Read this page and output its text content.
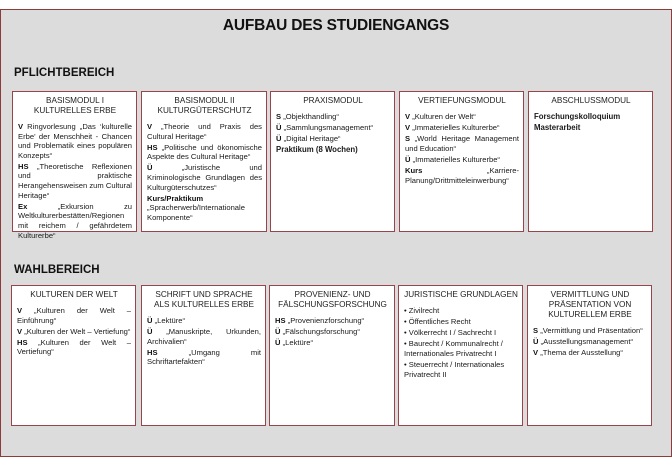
AUFBAU DES STUDIENGANGS
PFLICHTBEREICH
WAHLBEREICH
BASISMODUL I KULTURELLES ERBE
V Ringvorlesung „Das ‘kulturelle Erbe’ der Menschheit - Chancen und Problematik eines populären Konzepts“
HS „Theoretische Reflexionen und praktische Herangehensweisen zum Cultural Heritage“
Ex	„Exkursion zu Weltkulturerbestätten/Regionen mit reichem / gefährdetem Kulturerbe“
BASISMODUL II KULTURGÜTERSCHUTZ
V „Theorie und Praxis des Cultural Heritage“
HS „Politische und ökonomische Aspekte des Cultural Heritage“
Ü	„Juristische und Kriminologische Grundlagen des Kulturgüterschutzes“
Kurs/Praktikum „Spracherwerb/Internationale Komponente“
PRAXISMODUL
S „Objekthandling“
Ü „Sammlungsmanagement“
Ü „Digital Heritage“
Praktikum (8 Wochen)
VERTIEFUNGSMODUL
V „Kulturen der Welt“
V „Immaterielles Kulturerbe“
S „World Heritage Management und Education“
Ü „Immaterielles Kulturerbe“
Kurs	„Karriere-Planung/Drittmitteleinwerbung“
ABSCHLUSSMODUL
Forschungskolloquium
Masterarbeit
KULTUREN DER WELT
V „Kulturen der Welt – Einführung“
V „Kulturen der Welt – Vertiefung“
HS „Kulturen der Welt – Vertiefung“
SCHRIFT UND SPRACHE ALS KULTURELLES ERBE
Ü „Lektüre“
Ü „Manuskripte, Urkunden, Archivalien“
HS	„Umgang mit Schriftartefakten“
PROVENIENZ- UND FÄLSCHUNGSFORSCHUNG
HS „Provenienzforschung“
Ü „Fälschungsforschung“
Ü „Lektüre“
JURISTISCHE GRUNDLAGEN
• Zivilrecht
• Öffentliches Recht
• Völkerrecht I / Sachrecht I
• Baurecht / Kommunalrecht / Internationales Privatrecht I
• Steuerrecht / Internationales Privatrecht II
VERMITTLUNG UND PRÄSENTATION VON KULTURELLEM ERBE
S „Vermittlung und Präsentation“
Ü „Ausstellungsmanagement“
V „Thema der Ausstellung“
